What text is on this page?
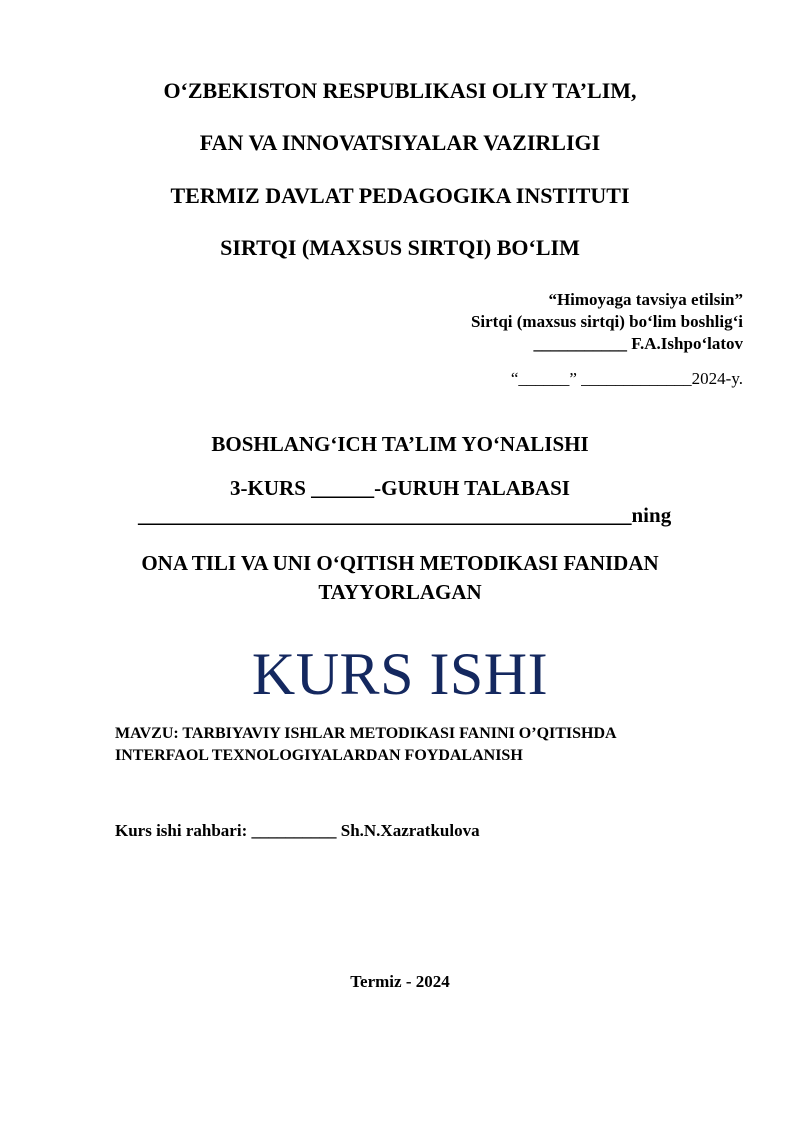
O‘ZBEKISTON RESPUBLIKASI OLIY TA’LIM,
FAN VA INNOVATSIYALAR VAZIRLIGI
TERMIZ DAVLAT PEDAGOGIKA INSTITUTI
SIRTQI (MAXSUS SIRTQI) BO‘LIM
“Himoyaga tavsiya etilsin”
Sirtqi (maxsus sirtqi) bo‘lim boshlig‘i
___________ F.A.Ishpo‘latov
“______” _____________2024-y.
BOSHLANG‘ICH TA’LIM YO‘NALISHI
3-KURS ______-GURUH TALABASI
_______________________________________________ning
ONA TILI VA UNI O‘QITISH METODIKASI FANIDAN
TAYYORLAGAN
KURS ISHI
MAVZU: TARBIYAVIY ISHLAR METODIKASI FANINI O’QITISHDA
INTERFAOL TEXNOLOGIYALARDAN FOYDALANISH
Kurs ishi rahbari: __________ Sh.N.Xazratkulova
Termiz - 2024
